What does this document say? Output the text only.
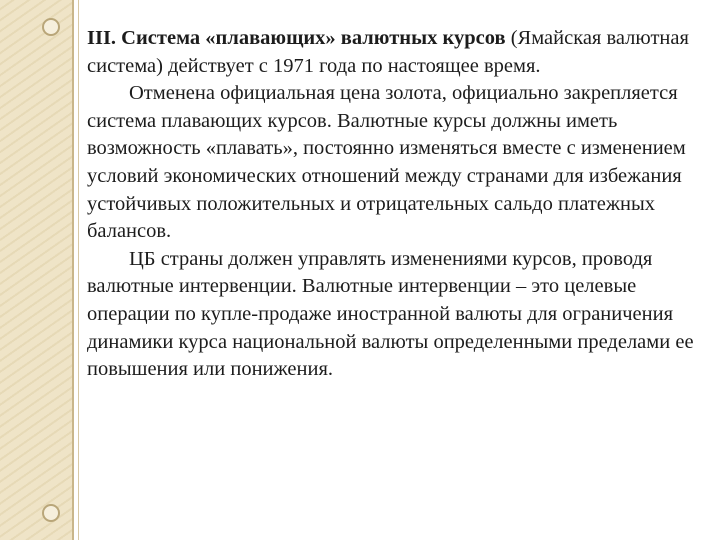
III. Система «плавающих» валютных курсов (Ямайская валютная система) действует с 1971 года по настоящее время.

Отменена официальная цена золота, официально закрепляется система плавающих курсов. Валютные курсы должны иметь возможность «плавать», постоянно изменяться вместе с изменением условий экономических отношений между странами для избежания устойчивых положительных и отрицательных сальдо платежных балансов.

ЦБ страны должен управлять изменениями курсов, проводя валютные интервенции. Валютные интервенции – это целевые операции по купле-продаже иностранной валюты для ограничения динамики курса национальной валюты определенными пределами ее повышения или понижения.
